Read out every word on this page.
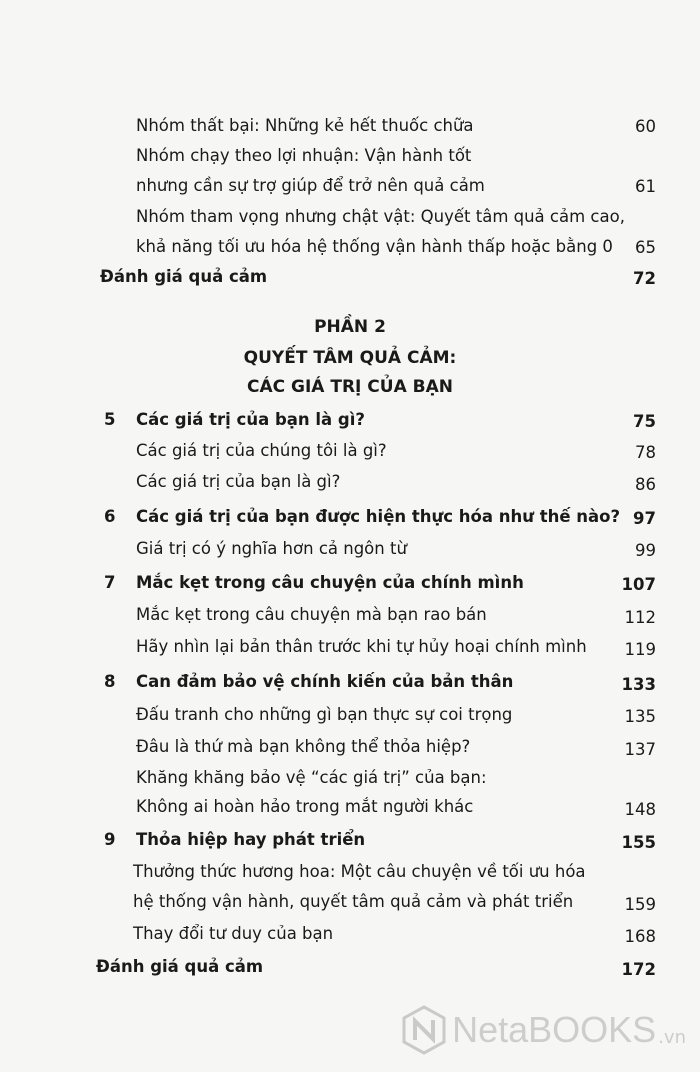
Nhóm thất bại: Những kẻ hết thuốc chữa	60
Nhóm chạy theo lợi nhuận: Vận hành tốt
nhưng cần sự trợ giúp để trở nên quả cảm	61
Nhóm tham vọng nhưng chật vật: Quyết tâm quả cảm cao,
khả năng tối ưu hóa hệ thống vận hành thấp hoặc bằng 0 65
Đánh giá quả cảm	72
PHẦN 2
QUYẾT TÂM QUẢ CẢM:
CÁC GIÁ TRỊ CỦA BẠN
5 Các giá trị của bạn là gì?	75
Các giá trị của chúng tôi là gì?	78
Các giá trị của bạn là gì?	86
6 Các giá trị của bạn được hiện thực hóa như thế nào? 97
Giá trị có ý nghĩa hơn cả ngôn từ	99
7 Mắc kẹt trong câu chuyện của chính mình	107
Mắc kẹt trong câu chuyện mà bạn rao bán	112
Hãy nhìn lại bản thân trước khi tự hủy hoại chính mình 119
8 Can đảm bảo vệ chính kiến của bản thân	133
Đấu tranh cho những gì bạn thực sự coi trọng	135
Đâu là thứ mà bạn không thể thỏa hiệp?	137
Khăng khăng bảo vệ “các giá trị” của bạn:
Không ai hoàn hảo trong mắt người khác	148
9 Thỏa hiệp hay phát triển	155
Thưởng thức hương hoa: Một câu chuyện về tối ưu hóa
hệ thống vận hành, quyết tâm quả cảm và phát triển	159
Thay đổi tư duy của bạn	168
Đánh giá quả cảm	172
NetaBOOKS .vn
